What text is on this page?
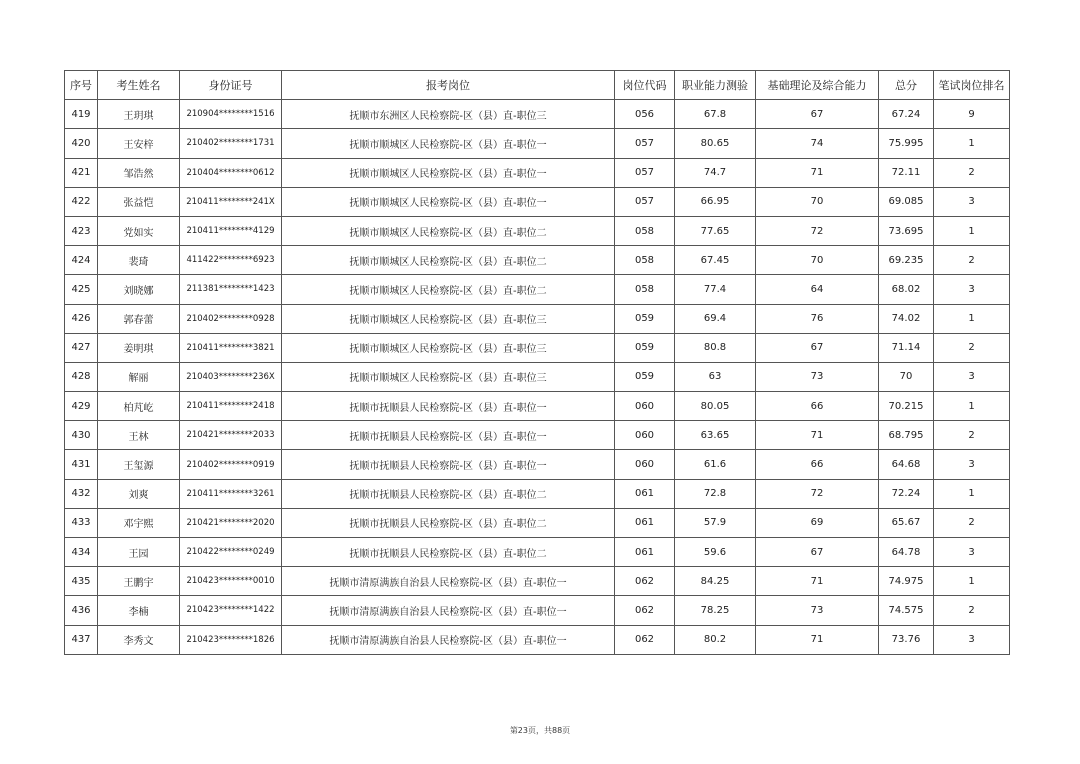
序号	考生姓名	身份证号	报考岗位	岗位代码	职业能力测验	基础理论及综合能力	总分	笔试岗位排名
419	王玥琪	210904********1516	抚顺市东洲区人民检察院-区（县）直-职位三	056	67.8	67	67.24	9
420	王安梓	210402********1731	抚顺市顺城区人民检察院-区（县）直-职位一	057	80.65	74	75.995	1
421	邹浩然	210404********0612	抚顺市顺城区人民检察院-区（县）直-职位一	057	74.7	71	72.11	2
422	张益恺	210411********241X	抚顺市顺城区人民检察院-区（县）直-职位一	057	66.95	70	69.085	3
423	党如实	210411********4129	抚顺市顺城区人民检察院-区（县）直-职位二	058	77.65	72	73.695	1
424	裴琦	411422********6923	抚顺市顺城区人民检察院-区（县）直-职位二	058	67.45	70	69.235	2
425	刘晓娜	211381********1423	抚顺市顺城区人民检察院-区（县）直-职位二	058	77.4	64	68.02	3
426	郭春蕾	210402********0928	抚顺市顺城区人民检察院-区（县）直-职位三	059	69.4	76	74.02	1
427	姜明琪	210411********3821	抚顺市顺城区人民检察院-区（县）直-职位三	059	80.8	67	71.14	2
428	解丽	210403********236X	抚顺市顺城区人民检察院-区（县）直-职位三	059	63	73	70	3
429	柏芃屹	210411********2418	抚顺市抚顺县人民检察院-区（县）直-职位一	060	80.05	66	70.215	1
430	王林	210421********2033	抚顺市抚顺县人民检察院-区（县）直-职位一	060	63.65	71	68.795	2
431	王玺源	210402********0919	抚顺市抚顺县人民检察院-区（县）直-职位一	060	61.6	66	64.68	3
432	刘爽	210411********3261	抚顺市抚顺县人民检察院-区（县）直-职位二	061	72.8	72	72.24	1
433	邓宇熙	210421********2020	抚顺市抚顺县人民检察院-区（县）直-职位二	061	57.9	69	65.67	2
434	王园	210422********0249	抚顺市抚顺县人民检察院-区（县）直-职位二	061	59.6	67	64.78	3
435	王鹏宇	210423********0010	抚顺市清原满族自治县人民检察院-区（县）直-职位一	062	84.25	71	74.975	1
436	李楠	210423********1422	抚顺市清原满族自治县人民检察院-区（县）直-职位一	062	78.25	73	74.575	2
437	李秀文	210423********1826	抚顺市清原满族自治县人民检察院-区（县）直-职位一	062	80.2	71	73.76	3
第23页，共88页
